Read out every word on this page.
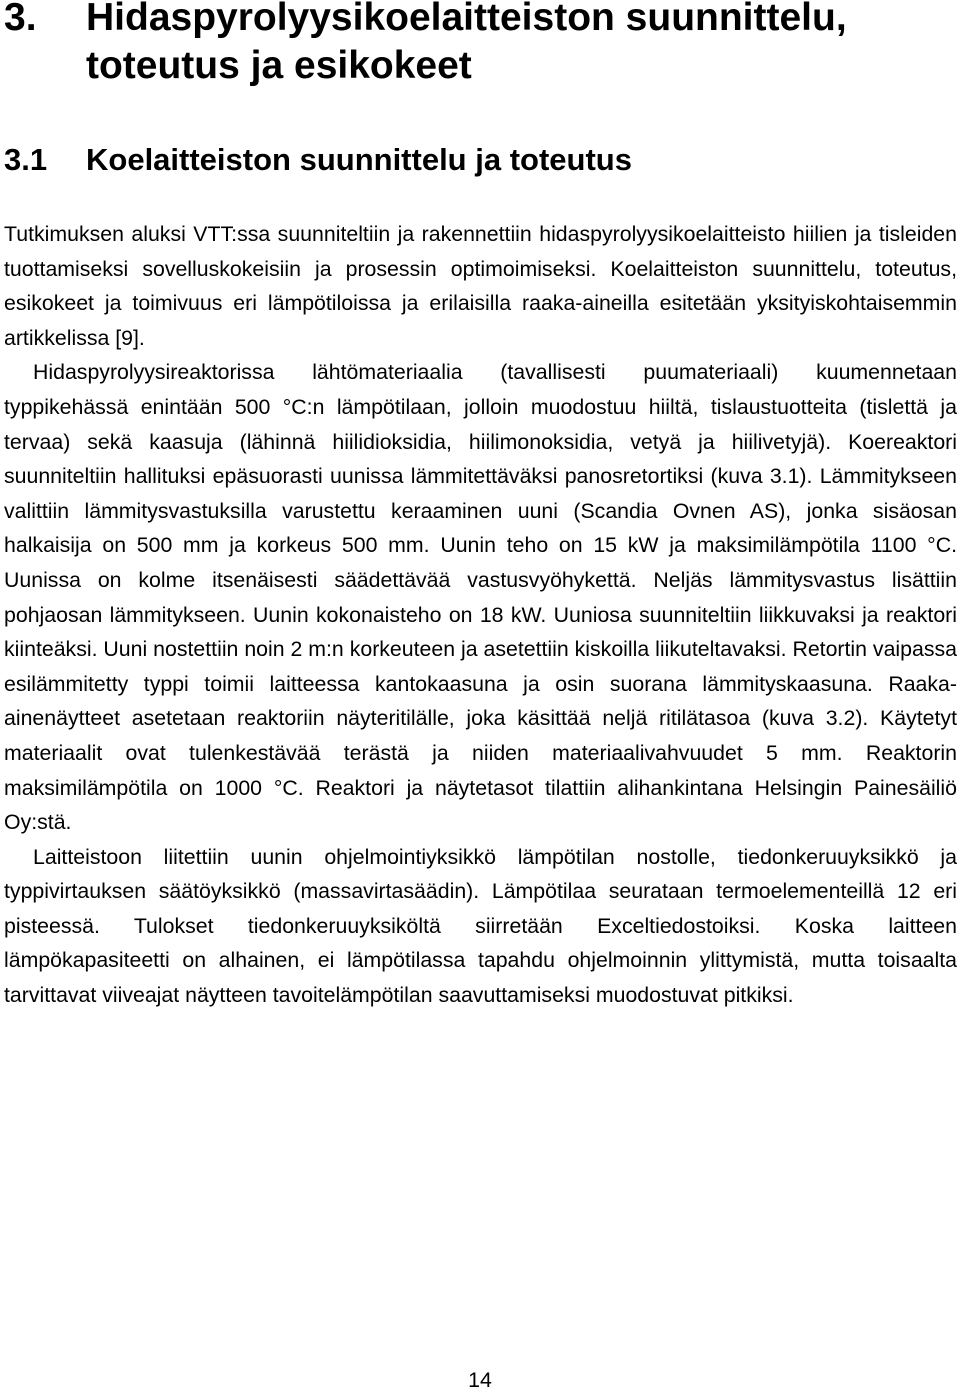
3.	Hidaspyrolyysikoelaitteiston suunnittelu, toteutus ja esikokeet
3.1	Koelaitteiston suunnittelu ja toteutus

Tutkimuksen aluksi VTT:ssa suunniteltiin ja rakennettiin hidaspyrolyysikoelaitteisto hiilien ja tisleiden tuottamiseksi sovelluskokeisiin ja prosessin optimoimiseksi. Koelaitteiston suunnittelu, toteutus, esikokeet ja toimivuus eri lämpötiloissa ja erilaisilla raaka-aineilla esitetään yksityiskohtaisemmin artikkelissa [9].

Hidaspyrolyysireaktorissa lähtömateriaalia (tavallisesti puumateriaali) kuumennetaan typpikehässä enintään 500 °C:n lämpötilaan, jolloin muodostuu hiiltä, tislaustuotteita (tislettä ja tervaa) sekä kaasuja (lähinnä hiilidioksidia, hiilimonoksidia, vetyä ja hiilivetyjä). Koereaktori suunniteltiin hallituksi epäsuorasti uunissa lämmitettäväksi panosretortiksi (kuva 3.1). Lämmitykseen valittiin lämmitysvastuksilla varustettu keraaminen uuni (Scandia Ovnen AS), jonka sisäosan halkaisija on 500 mm ja korkeus 500 mm. Uunin teho on 15 kW ja maksimilämpötila 1100 °C. Uunissa on kolme itsenäisesti säädettävää vastusvyöhykettä. Neljäs lämmitysvastus lisättiin pohjaosan lämmitykseen. Uunin kokonaisteho on 18 kW. Uuniosa suunniteltiin liikkuvaksi ja reaktori kiinteäksi. Uuni nostettiin noin 2 m:n korkeuteen ja asetettiin kiskoilla liikuteltavaksi. Retortin vaipassa esilämmitetty typpi toimii laitteessa kantokaasuna ja osin suorana lämmityskaasuna. Raaka-ainenäytteet asetetaan reaktoriin näyteritilälle, joka käsittää neljä ritilätasoa (kuva 3.2). Käytetyt materiaalit ovat tulenkestävää terästä ja niiden materiaalivahvuudet 5 mm. Reaktorin maksimilämpötila on 1000 °C. Reaktori ja näytetasot tilattiin alihankintana Helsingin Painesäiliö Oy:stä.

Laitteistoon liitettiin uunin ohjelmointiyksikkö lämpötilan nostolle, tiedonkeruuyksikkö ja typpivirtauksen säätöyksikkö (massavirtasäädin). Lämpötilaa seurataan termoelementeillä 12 eri pisteessä. Tulokset tiedonkeruuyksiköltä siirretään Exceltiedostoiksi. Koska laitteen lämpökapasiteetti on alhainen, ei lämpötilassa tapahdu ohjelmoinnin ylittymistä, mutta toisaalta tarvittavat viiveajat näytteen tavoitelämpötilan saavuttamiseksi muodostuvat pitkiksi.

14
